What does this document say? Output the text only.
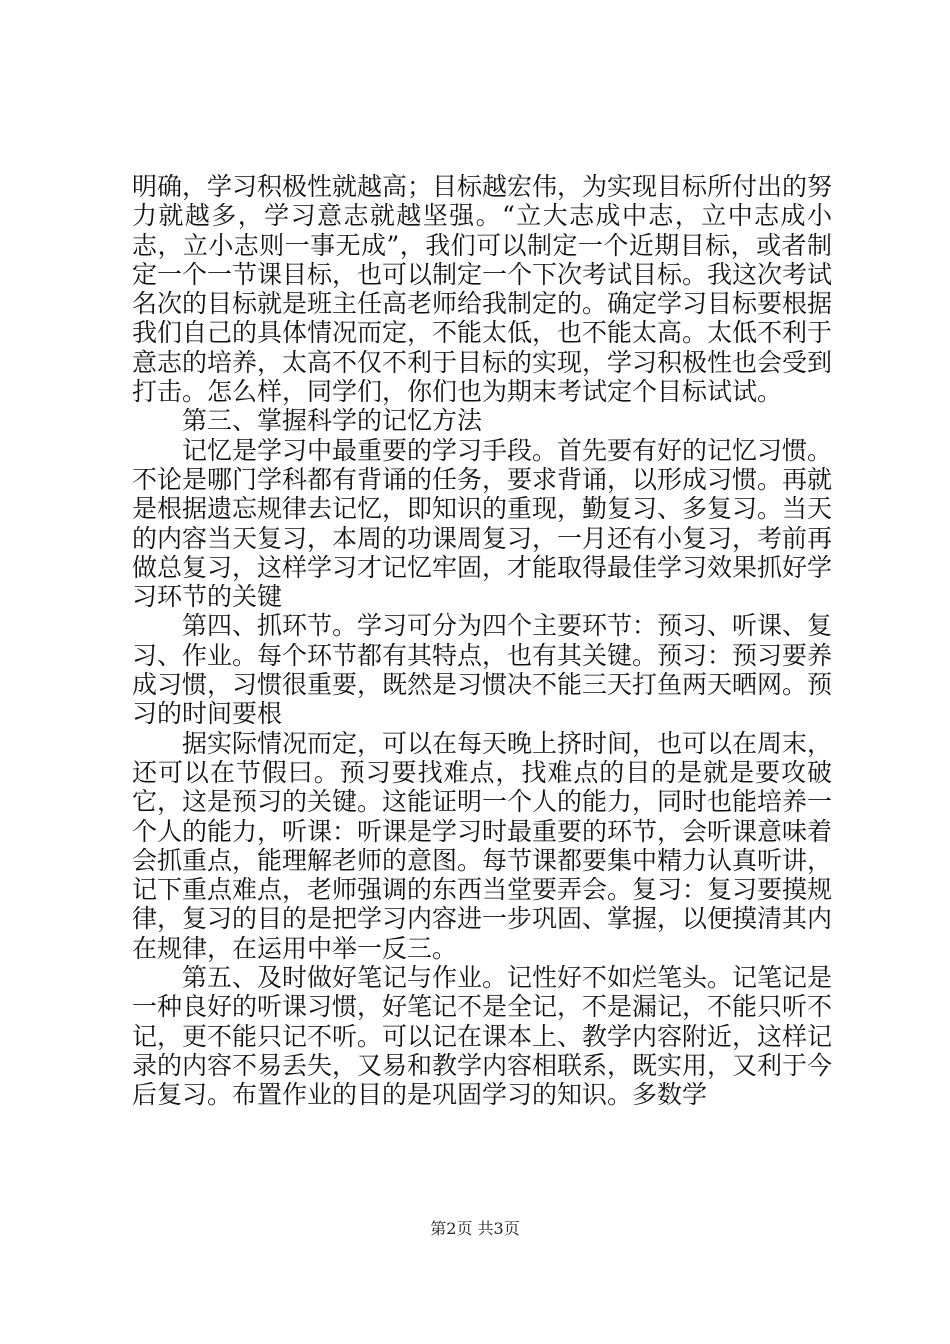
明确，学习积极性就越高；目标越宏伟，为实现目标所付出的努力就越多，学习意志就越坚强。“立大志成中志，立中志成小志，立小志则一事无成”，我们可以制定一个近期目标，或者制定一个一节课目标，也可以制定一个下次考试目标。我这次考试名次的目标就是班主任高老师给我制定的。确定学习目标要根据我们自己的具体情况而定，不能太低，也不能太高。太低不利于意志的培养，太高不仅不利于目标的实现，学习积极性也会受到打击。怎么样，同学们，你们也为期末考试定个目标试试。

第三、掌握科学的记忆方法

记忆是学习中最重要的学习手段。首先要有好的记忆习惯。不论是哪门学科都有背诵的任务，要求背诵，以形成习惯。再就是根据遗忘规律去记忆，即知识的重现，勤复习、多复习。当天的内容当天复习，本周的功课周复习，一月还有小复习，考前再做总复习，这样学习才记忆牢固，才能取得最佳学习效果抓好学习环节的关键

第四、抓环节。学习可分为四个主要环节：预习、听课、复习、作业。每个环节都有其特点，也有其关键。预习：预习要养成习惯，习惯很重要，既然是习惯决不能三天打鱼两天晒网。预习的时间要根

据实际情况而定，可以在每天晚上挤时间，也可以在周末，还可以在节假曰。预习要找难点，找难点的目的是就是要攻破它，这是预习的关键。这能证明一个人的能力，同时也能培养一个人的能力，听课：听课是学习时最重要的环节，会听课意味着会抓重点，能理解老师的意图。每节课都要集中精力认真听讲，记下重点难点，老师强调的东西当堂要弄会。复习：复习要摸规律，复习的目的是把学习内容进一步巩固、掌握，以便摸清其内在规律，在运用中举一反三。

第五、及时做好笔记与作业。记性好不如烂笔头。记笔记是一种良好的听课习惯，好笔记不是全记，不是漏记，不能只听不记，更不能只记不听。可以记在课本上、教学内容附近，这样记录的内容不易丢失，又易和教学内容相联系，既实用，又利于今后复习。布置作业的目的是巩固学习的知识。多数学

第2页 共3页
